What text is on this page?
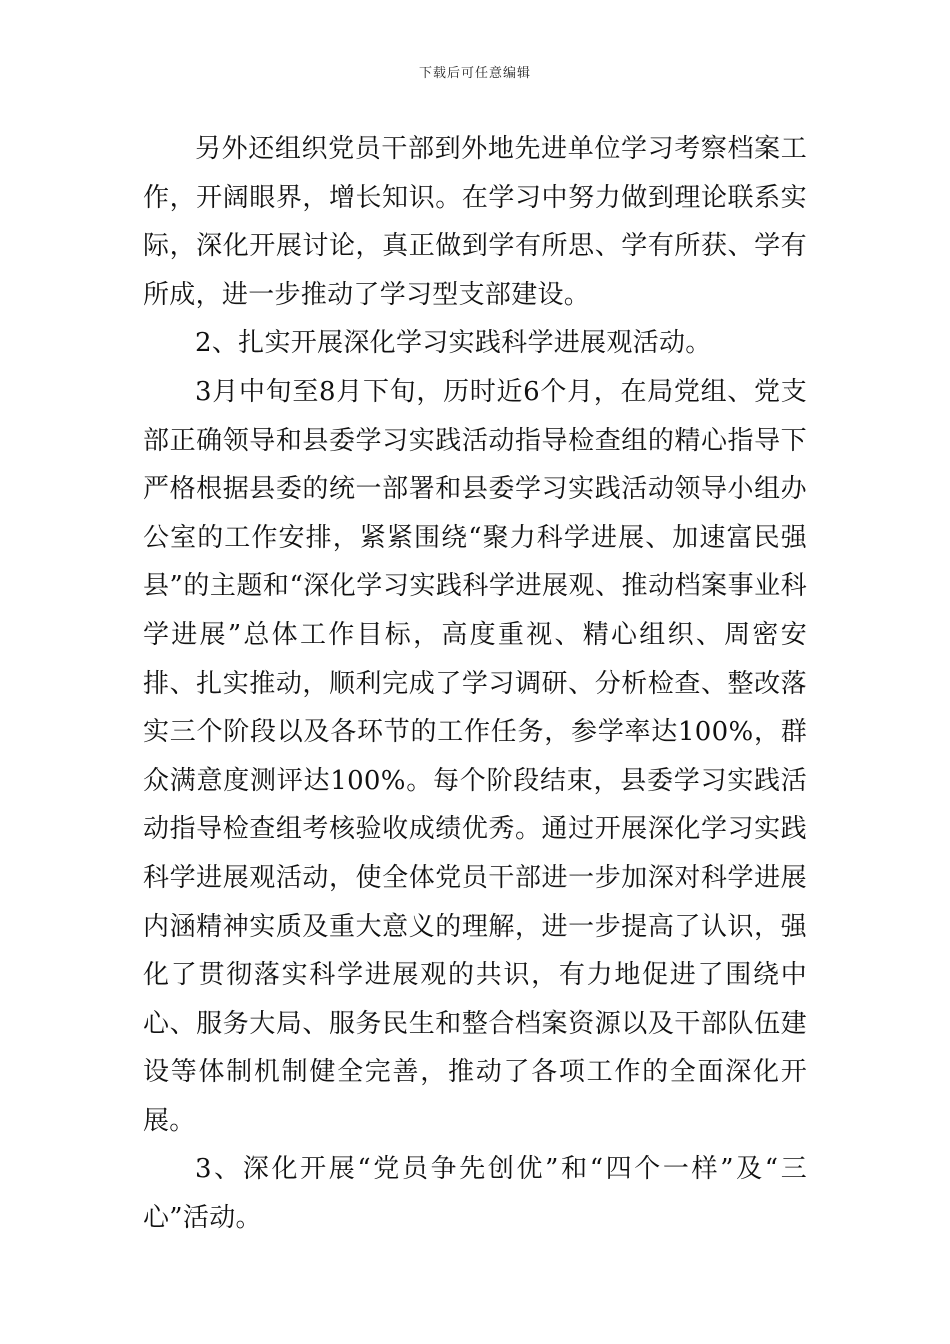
下载后可任意编辑

另外还组织党员干部到外地先进单位学习考察档案工作，开阔眼界，增长知识。在学习中努力做到理论联系实际，深化开展讨论，真正做到学有所思、学有所获、学有所成，进一步推动了学习型支部建设。

2、扎实开展深化学习实践科学进展观活动。

3月中旬至8月下旬，历时近6个月，在局党组、党支部正确领导和县委学习实践活动指导检查组的精心指导下严格根据县委的统一部署和县委学习实践活动领导小组办公室的工作安排，紧紧围绕“聚力科学进展、加速富民强县”的主题和“深化学习实践科学进展观、推动档案事业科学进展”总体工作目标，高度重视、精心组织、周密安排、扎实推动，顺利完成了学习调研、分析检查、整改落实三个阶段以及各环节的工作任务，参学率达100%，群众满意度测评达100%。每个阶段结束，县委学习实践活动指导检查组考核验收成绩优秀。通过开展深化学习实践科学进展观活动，使全体党员干部进一步加深对科学进展内涵精神实质及重大意义的理解，进一步提高了认识，强化了贯彻落实科学进展观的共识，有力地促进了围绕中心、服务大局、服务民生和整合档案资源以及干部队伍建设等体制机制健全完善，推动了各项工作的全面深化开展。

3、深化开展“党员争先创优”和“四个一样”及“三心”活动。
